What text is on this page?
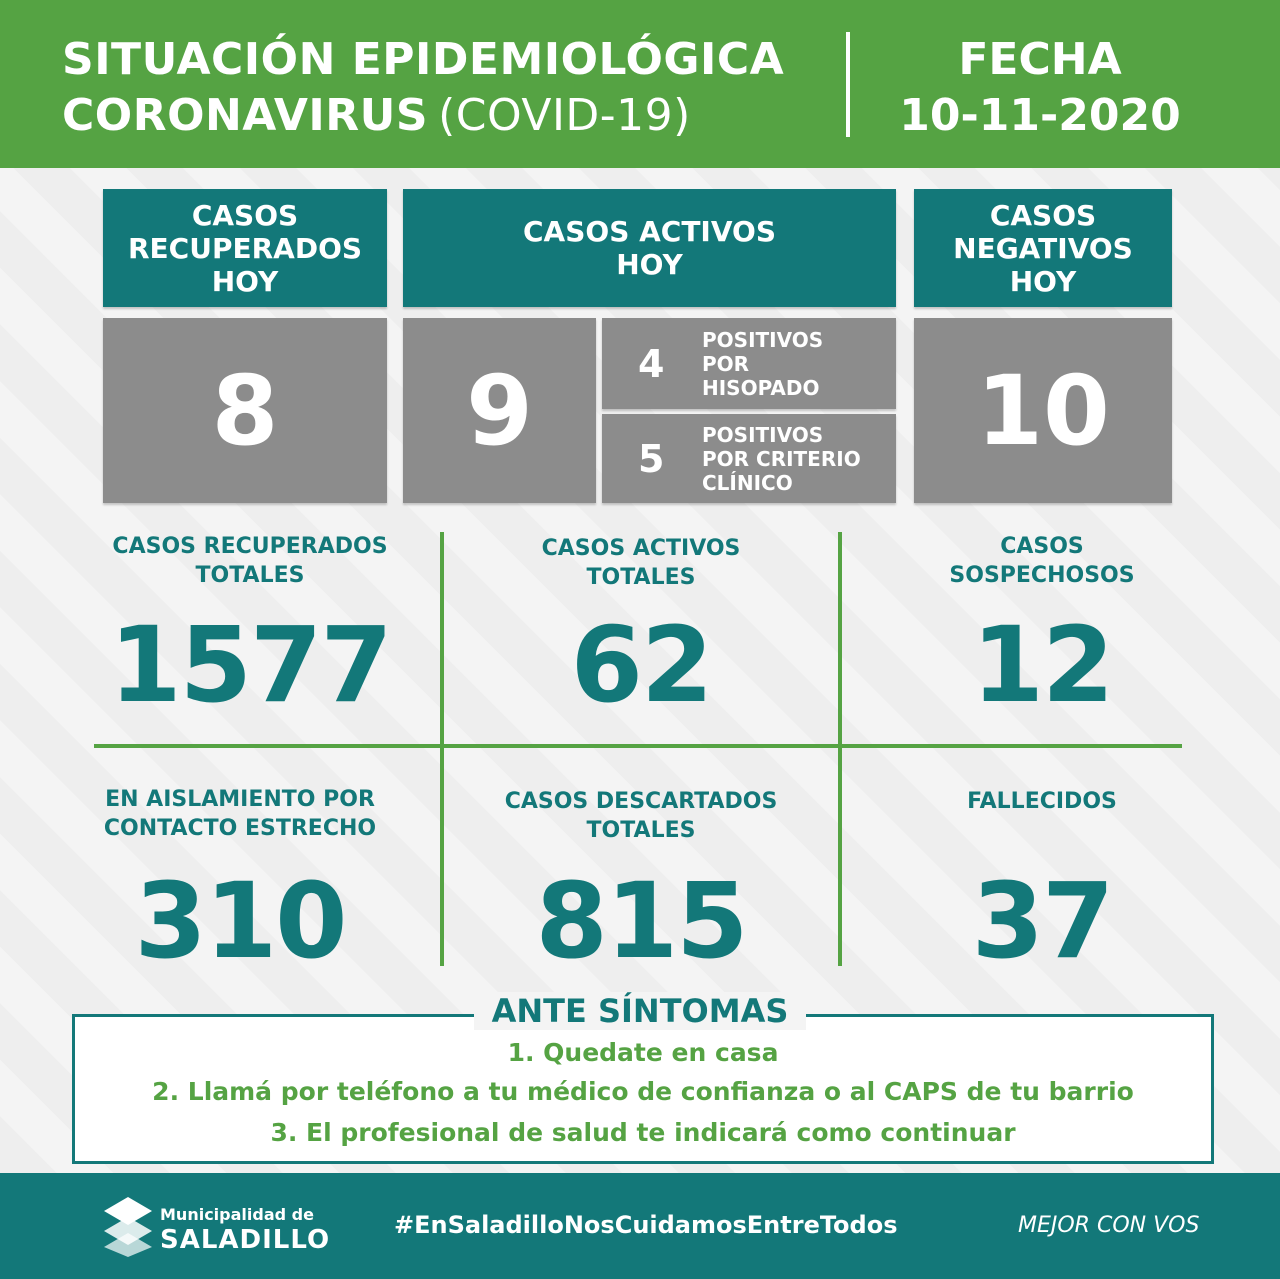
SITUACIÓN EPIDEMIOLÓGICA
CORONAVIRUS (COVID-19)
FECHA
10-11-2020
CASOS
RECUPERADOS
HOY
CASOS ACTIVOS
HOY
CASOS
NEGATIVOS
HOY
8 9	4
POSITIVOS
POR
HISOPADO
5
POSITIVOS
POR CRITERIO
CLÍNICO
10
CASOS RECUPERADOS
TOTALES
1577
CASOS ACTIVOS
TOTALES
62
CASOS
SOSPECHOSOS
12
EN AISLAMIENTO POR
CONTACTO ESTRECHO
310
CASOS DESCARTADOS
TOTALES
815
FALLECIDOS
37
ANTE SÍNTOMAS
1. Quedate en casa
2. Llamá por teléfono a tu médico de confianza o al CAPS de tu barrio
3. El profesional de salud te indicará como continuar
Municipalidad de
SALADILLO	#EnSaladilloNosCuidamosEntreTodos	MEJOR CON VOS
